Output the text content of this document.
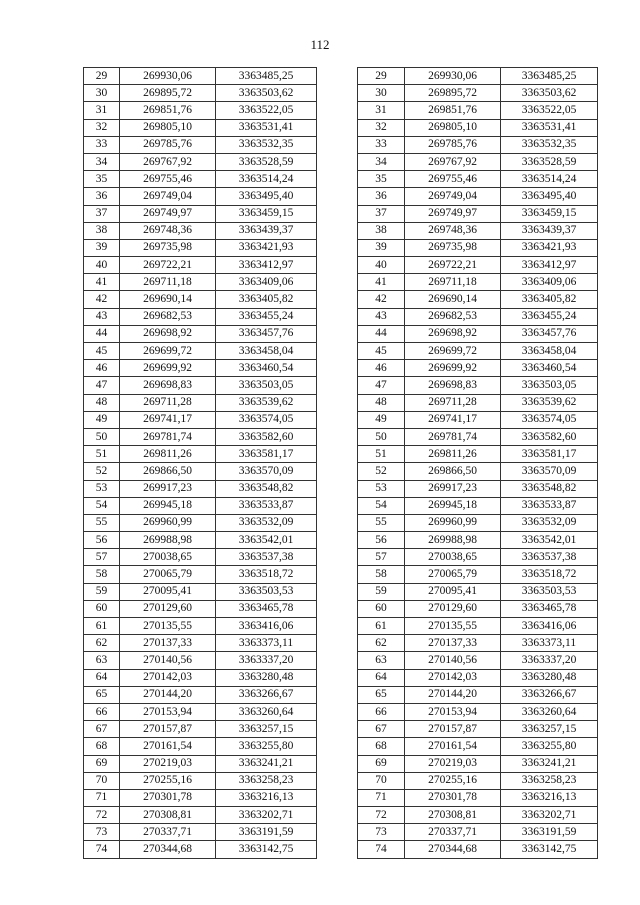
112
29	269930,06	3363485,25
30	269895,72	3363503,62
31	269851,76	3363522,05
32	269805,10	3363531,41
33	269785,76	3363532,35
34	269767,92	3363528,59
35	269755,46	3363514,24
36	269749,04	3363495,40
37	269749,97	3363459,15
38	269748,36	3363439,37
39	269735,98	3363421,93
40	269722,21	3363412,97
41	269711,18	3363409,06
42	269690,14	3363405,82
43	269682,53	3363455,24
44	269698,92	3363457,76
45	269699,72	3363458,04
46	269699,92	3363460,54
47	269698,83	3363503,05
48	269711,28	3363539,62
49	269741,17	3363574,05
50	269781,74	3363582,60
51	269811,26	3363581,17
52	269866,50	3363570,09
53	269917,23	3363548,82
54	269945,18	3363533,87
55	269960,99	3363532,09
56	269988,98	3363542,01
57	270038,65	3363537,38
58	270065,79	3363518,72
59	270095,41	3363503,53
60	270129,60	3363465,78
61	270135,55	3363416,06
62	270137,33	3363373,11
63	270140,56	3363337,20
64	270142,03	3363280,48
65	270144,20	3363266,67
66	270153,94	3363260,64
67	270157,87	3363257,15
68	270161,54	3363255,80
69	270219,03	3363241,21
70	270255,16	3363258,23
71	270301,78	3363216,13
72	270308,81	3363202,71
73	270337,71	3363191,59
74	270344,68	3363142,75
29	269930,06	3363485,25
30	269895,72	3363503,62
31	269851,76	3363522,05
32	269805,10	3363531,41
33	269785,76	3363532,35
34	269767,92	3363528,59
35	269755,46	3363514,24
36	269749,04	3363495,40
37	269749,97	3363459,15
38	269748,36	3363439,37
39	269735,98	3363421,93
40	269722,21	3363412,97
41	269711,18	3363409,06
42	269690,14	3363405,82
43	269682,53	3363455,24
44	269698,92	3363457,76
45	269699,72	3363458,04
46	269699,92	3363460,54
47	269698,83	3363503,05
48	269711,28	3363539,62
49	269741,17	3363574,05
50	269781,74	3363582,60
51	269811,26	3363581,17
52	269866,50	3363570,09
53	269917,23	3363548,82
54	269945,18	3363533,87
55	269960,99	3363532,09
56	269988,98	3363542,01
57	270038,65	3363537,38
58	270065,79	3363518,72
59	270095,41	3363503,53
60	270129,60	3363465,78
61	270135,55	3363416,06
62	270137,33	3363373,11
63	270140,56	3363337,20
64	270142,03	3363280,48
65	270144,20	3363266,67
66	270153,94	3363260,64
67	270157,87	3363257,15
68	270161,54	3363255,80
69	270219,03	3363241,21
70	270255,16	3363258,23
71	270301,78	3363216,13
72	270308,81	3363202,71
73	270337,71	3363191,59
74	270344,68	3363142,75
